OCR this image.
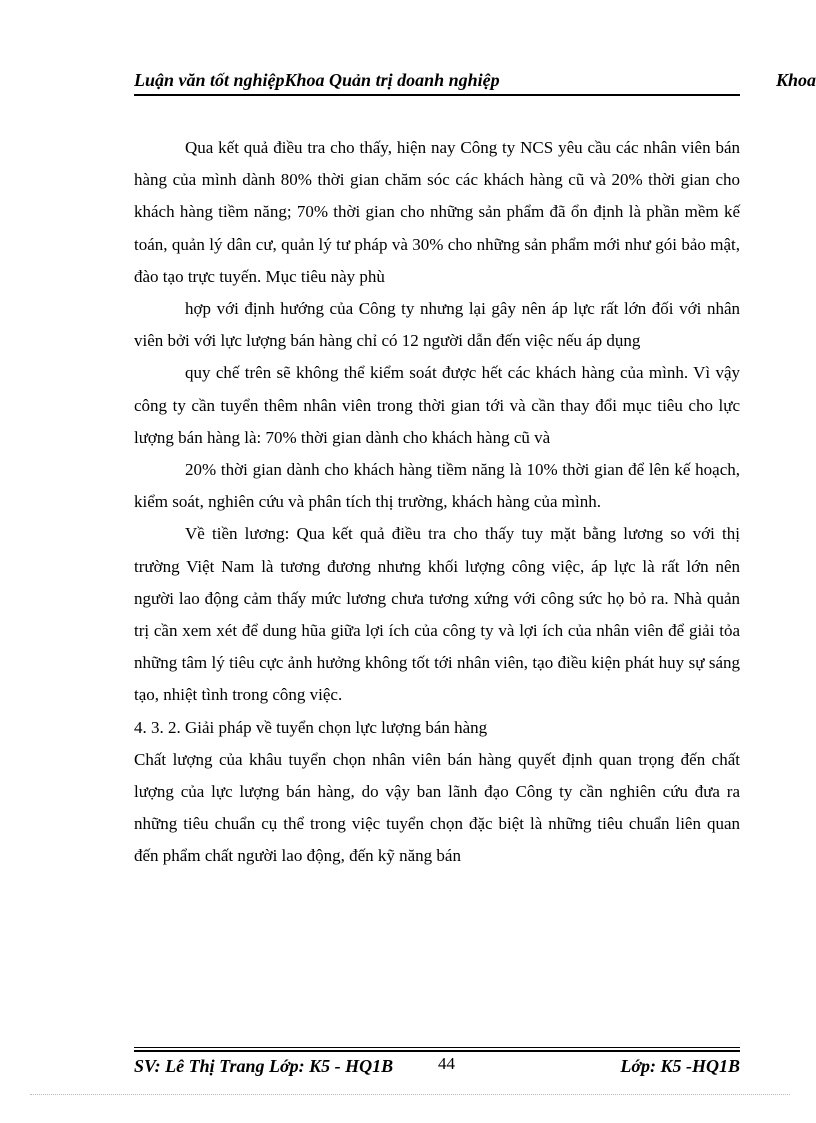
Luận văn tốt nghiệpKhoa Quản trị doanh nghiệp	Khoa

Qua kết quả điều tra cho thấy, hiện nay Công ty NCS yêu cầu các nhân viên bán hàng của mình dành 80% thời gian chăm sóc các khách hàng cũ và 20% thời gian cho khách hàng tiềm năng; 70% thời gian cho những sản phẩm đã ổn định là phần mềm kế toán, quản lý dân cư, quản lý tư pháp và 30% cho những sản phẩm mới như gói bảo mật, đào tạo trực tuyến. Mục tiêu này phù

hợp với định hướng của Công ty nhưng lại gây nên áp lực rất lớn đối với nhân viên bởi với lực lượng bán hàng chỉ có 12 người dẫn đến việc nếu áp dụng

quy chế trên sẽ không thể kiểm soát được hết các khách hàng của mình. Vì vậy công ty cần tuyển thêm nhân viên trong thời gian tới và cần thay đổi mục tiêu cho lực lượng bán hàng là: 70% thời gian dành cho khách hàng cũ và

20% thời gian dành cho khách hàng tiềm năng là 10% thời gian để lên kế hoạch, kiểm soát, nghiên cứu và phân tích thị trường, khách hàng của mình.

Về tiền lương: Qua kết quả điều tra cho thấy tuy mặt bằng lương so với thị trường Việt Nam là tương đương nhưng khối lượng công việc, áp lực là rất lớn nên người lao động cảm thấy mức lương chưa tương xứng với công sức họ bỏ ra. Nhà quản trị cần xem xét để dung hũa giữa lợi ích của công ty và lợi ích của nhân viên để giải tỏa những tâm lý tiêu cực ảnh hưởng không tốt tới nhân viên, tạo điều kiện phát huy sự sáng tạo, nhiệt tình trong công việc.

4. 3. 2. Giải pháp về tuyển chọn lực lượng bán hàng

Chất lượng của khâu tuyển chọn nhân viên bán hàng quyết định quan trọng đến chất lượng của lực lượng bán hàng, do vậy ban lãnh đạo Công ty cần nghiên cứu đưa ra những tiêu chuẩn cụ thể trong việc tuyển chọn đặc biệt là những tiêu chuẩn liên quan đến phẩm chất người lao động, đến kỹ năng bán

SV: Lê Thị Trang Lớp: K5 - HQ1B	44	Lớp: K5 -HQ1B
